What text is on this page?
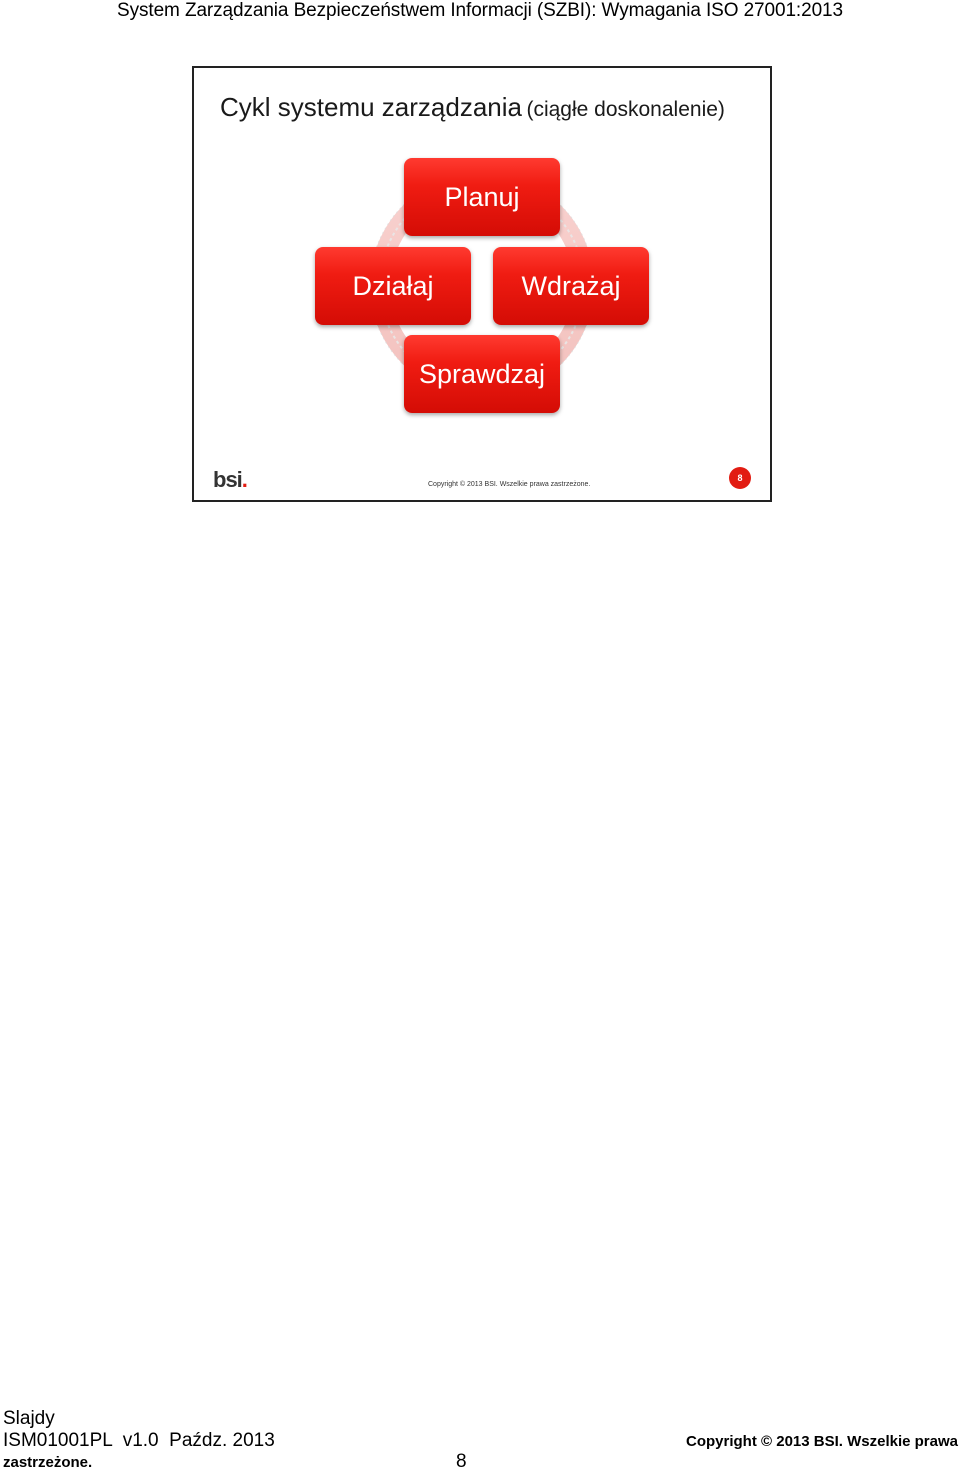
System Zarządzania Bezpieczeństwem Informacji (SZBI): Wymagania ISO 27001:2013
Cykl systemu zarządzania (ciągłe doskonalenie)
Planuj
Działaj	Wdrażaj
Sprawdzaj
bsi.	Copyright © 2013 BSI. Wszelkie prawa zastrzeżone.
8
Slajdy
ISM01001PL  v1.0  Paźdz. 2013	Copyright © 2013 BSI. Wszelkie prawa
zastrzeżone.	8
